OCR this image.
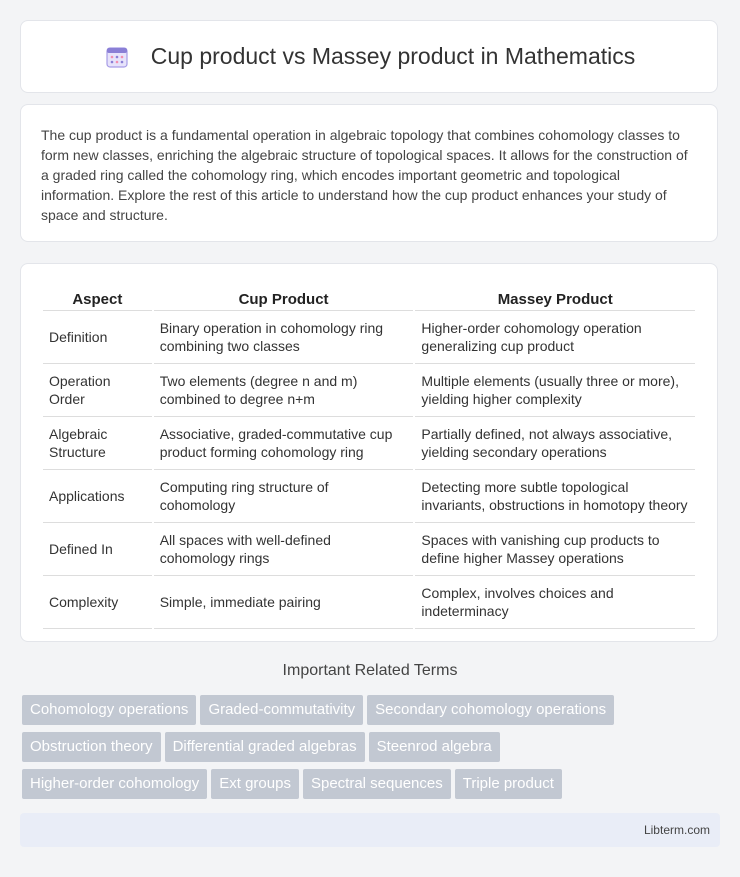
Cup product vs Massey product in Mathematics

The cup product is a fundamental operation in algebraic topology that combines cohomology classes to form new classes, enriching the algebraic structure of topological spaces. It allows for the construction of a graded ring called the cohomology ring, which encodes important geometric and topological information. Explore the rest of this article to understand how the cup product enhances your study of space and structure.

Aspect	Cup Product	Massey Product
Definition	Binary operation in cohomology ring combining two classes	Higher-order cohomology operation generalizing cup product
Operation Order	Two elements (degree n and m) combined to degree n+m	Multiple elements (usually three or more), yielding higher complexity
Algebraic Structure	Associative, graded-commutative cup product forming cohomology ring	Partially defined, not always associative, yielding secondary operations
Applications	Computing ring structure of cohomology	Detecting more subtle topological invariants, obstructions in homotopy theory
Defined In	All spaces with well-defined cohomology rings	Spaces with vanishing cup products to define higher Massey operations
Complexity	Simple, immediate pairing	Complex, involves choices and indeterminacy
Important Related Terms
Cohomology operations Graded-commutativity Secondary cohomology operations
Obstruction theory Differential graded algebras Steenrod algebra
Higher-order cohomology Ext groups Spectral sequences Triple product
Libterm.com
